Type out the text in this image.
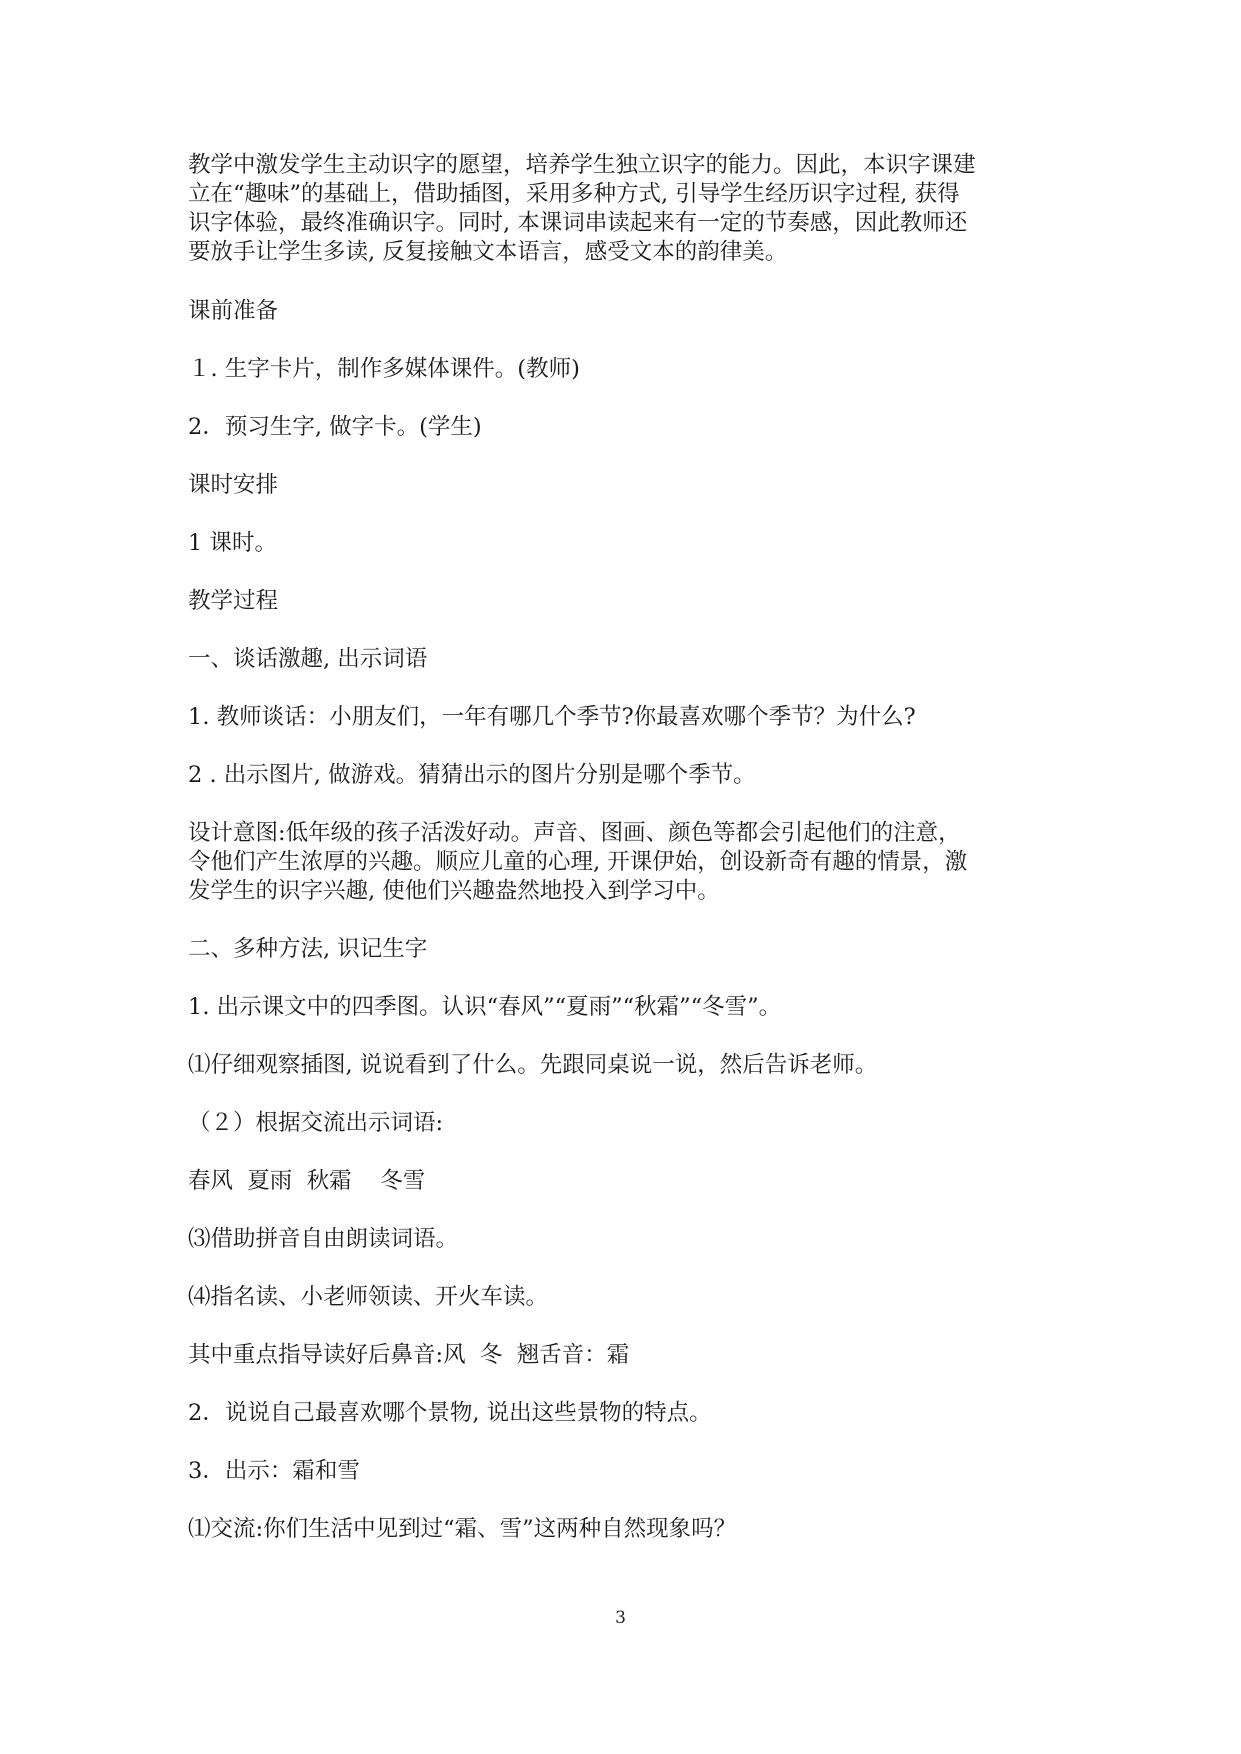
教学中激发学生主动识字的愿望，培养学生独立识字的能力。因此，本识字课建
立在“趣味”的基础上，借助插图，采用多种方式, 引导学生经历识字过程, 获得
识字体验，最终准确识字。同时, 本课词串读起来有一定的节奏感，因此教师还
要放手让学生多读, 反复接触文本语言，感受文本的韵律美。

课前准备

１. 生字卡片，制作多媒体课件。(教师)

2．预习生字, 做字卡。(学生)

课时安排

1 课时。

教学过程

一、谈话激趣, 出示词语

1. 教师谈话：小朋友们，一年有哪几个季节?你最喜欢哪个季节？为什么?

2 . 出示图片, 做游戏。猜猜出示的图片分别是哪个季节。

设计意图:低年级的孩子活泼好动。声音、图画、颜色等都会引起他们的注意，
令他们产生浓厚的兴趣。顺应儿童的心理, 开课伊始，创设新奇有趣的情景，激
发学生的识字兴趣, 使他们兴趣盎然地投入到学习中。

二、多种方法, 识记生字

1. 出示课文中的四季图。认识“春风”“夏雨”“秋霜”“冬雪”。

⑴仔细观察插图, 说说看到了什么。先跟同桌说一说，然后告诉老师。

（２）根据交流出示词语:

春风  夏雨  秋霜    冬雪

⑶借助拼音自由朗读词语。

⑷指名读、小老师领读、开火车读。

其中重点指导读好后鼻音:风  冬  翘舌音：霜

2．说说自己最喜欢哪个景物, 说出这些景物的特点。

3．出示：霜和雪

⑴交流:你们生活中见到过“霜、雪”这两种自然现象吗？

3
